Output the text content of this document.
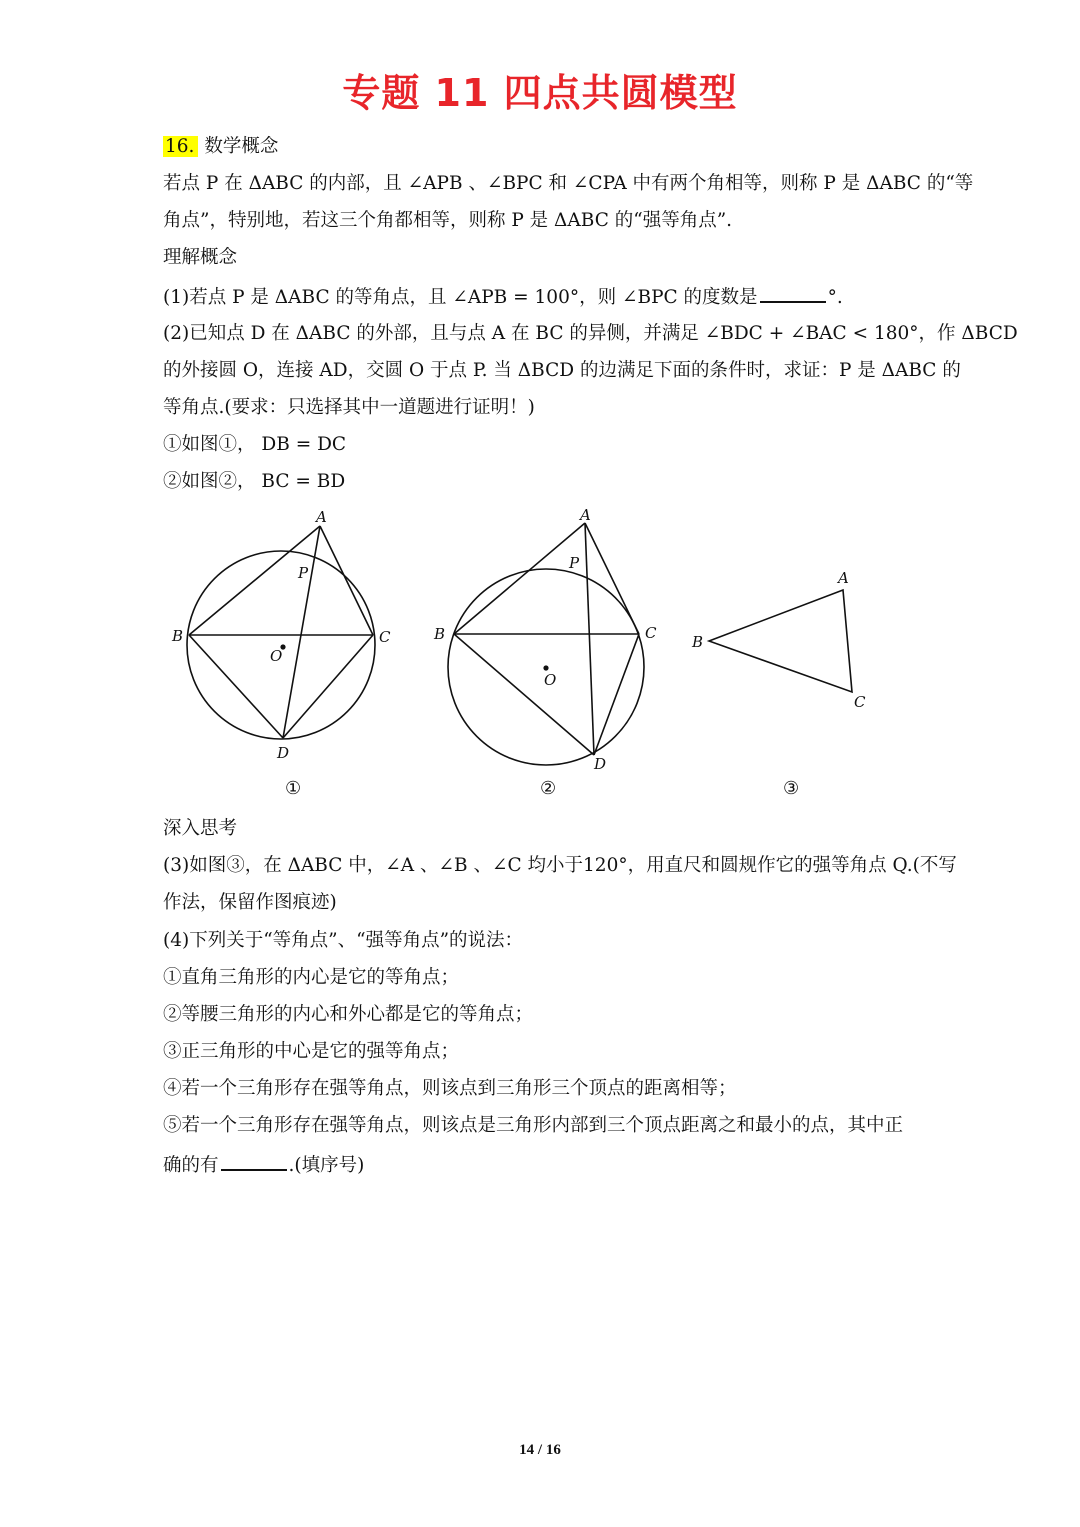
专题 11 四点共圆模型
16. 数学概念
若点 P 在 ΔABC 的内部，且 ∠APB 、∠BPC 和 ∠CPA 中有两个角相等，则称 P 是 ΔABC 的“等
角点”，特别地，若这三个角都相等，则称 P 是 ΔABC 的“强等角点”.
理解概念
(1)若点 P 是 ΔABC 的等角点，且 ∠APB = 100°，则 ∠BPC 的度数是	°.
(2)已知点 D 在 ΔABC 的外部，且与点 A 在 BC 的异侧，并满足 ∠BDC + ∠BAC < 180°，作 ΔBCD
的外接圆 O，连接 AD，交圆 O 于点 P. 当 ΔBCD 的边满足下面的条件时，求证：P 是 ΔABC 的
等角点.(要求：只选择其中一道题进行证明！)
①如图①， DB = DC
②如图②， BC = BD
A
B	C
D
P
O
①
A
B	C
D
P
O
②
A
B
C
③
深入思考
(3)如图③，在 ΔABC 中，∠A 、∠B 、∠C 均小于120°，用直尺和圆规作它的强等角点 Q.(不写
作法，保留作图痕迹)
(4)下列关于“等角点”、“强等角点”的说法：
①直角三角形的内心是它的等角点；
②等腰三角形的内心和外心都是它的等角点；
③正三角形的中心是它的强等角点；
④若一个三角形存在强等角点，则该点到三角形三个顶点的距离相等；
⑤若一个三角形存在强等角点，则该点是三角形内部到三个顶点距离之和最小的点，其中正
确的有	.(填序号)
14 / 16
